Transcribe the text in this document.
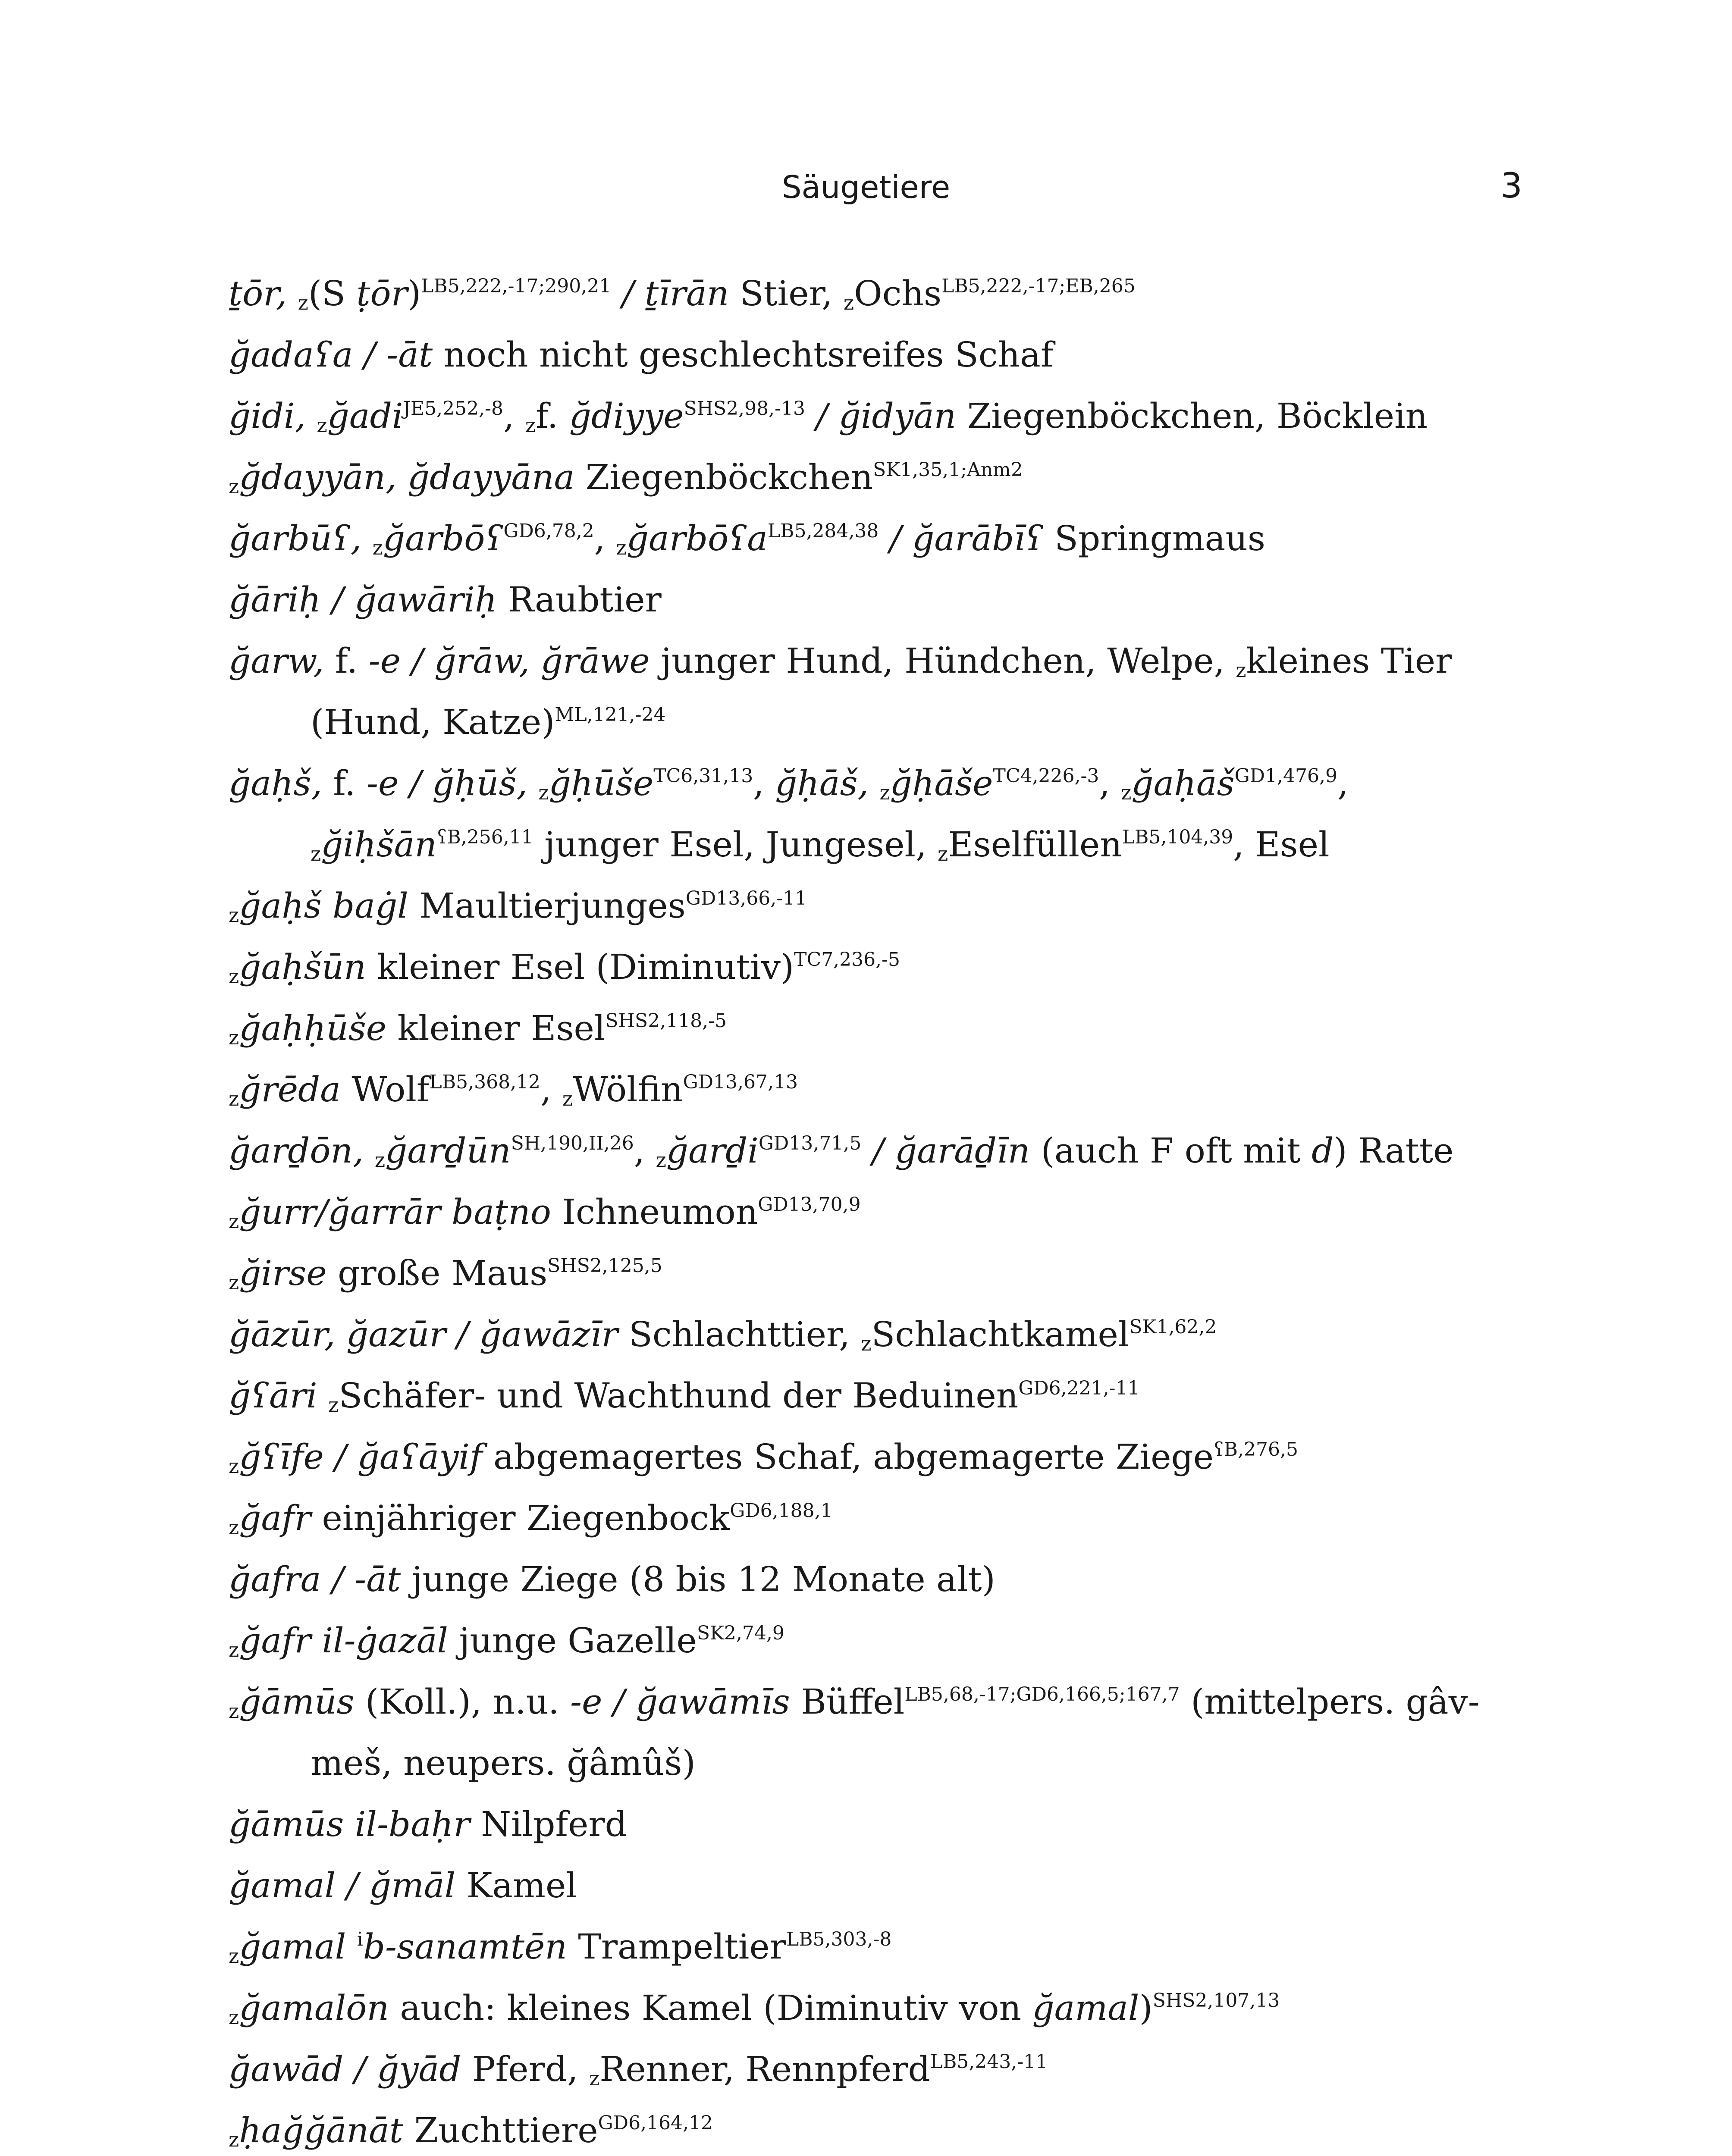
Säugetiere	3
ṯōr, $_z$(S ṭōr)$^{LB5,222,-17;290,21}$ / ṯīrān Stier, $_z$Ochs$^{LB5,222,-17;EB,265}$
ğadaʕa / -āt noch nicht geschlechtsreifes Schaf
ğidi, $_z$ğadi$^{JE5,252,-8}$, $_z$f. ğdiyye$^{SHS2,98,-13}$ / ğidyān Ziegenböckchen, Böcklein
$_z$ğdayyān, ğdayyāna Ziegenböckchen$^{SK1,35,1;Anm2}$
ğarbūʕ, $_z$ğarbōʕ$^{GD6,78,2}$, $_z$ğarbōʕa$^{LB5,284,38}$ / ğarābīʕ Springmaus
ğāriḥ / ğawāriḥ Raubtier
ğarw, f. -e / ğrāw, ğrāwe junger Hund, Hündchen, Welpe, $_z$kleines Tier (Hund, Katze)$^{ML,121,-24}$
ğaḥš, f. -e / ğḥūš, $_z$ğḥūše$^{TC6,31,13}$, ğḥāš, $_z$ğḥāše$^{TC4,226,-3}$, $_z$ğaḥāš$^{GD1,476,9}$, $_z$ğiḥšān$^{ʕB,256,11}$ junger Esel, Jungesel, $_z$Eselfüllen$^{LB5,104,39}$, Esel
$_z$ğaḥš baġl Maultierjunges$^{GD13,66,-11}$
$_z$ğaḥšūn kleiner Esel (Diminutiv)$^{TC7,236,-5}$
$_z$ğaḥḥūše kleiner Esel$^{SHS2,118,-5}$
$_z$ğrēda Wolf$^{LB5,368,12}$, $_z$Wölfin$^{GD13,67,13}$
ğarḏōn, $_z$ğarḏūn$^{SH,190,II,26}$, $_z$ğarḏi$^{GD13,71,5}$ / ğarāḏīn (auch F oft mit d) Ratte
$_z$ğurr/ğarrār baṭno Ichneumon$^{GD13,70,9}$
$_z$ğirse große Maus$^{SHS2,125,5}$
ğāzūr, ğazūr / ğawāzīr Schlachttier, $_z$Schlachtkamel$^{SK1,62,2}$
ğʕāri $_z$Schäfer- und Wachthund der Beduinen$^{GD6,221,-11}$
$_z$ğʕīfe / ğaʕāyif abgemagertes Schaf, abgemagerte Ziege$^{ʕB,276,5}$
$_z$ğafr einjähriger Ziegenbock$^{GD6,188,1}$
ğafra / -āt junge Ziege (8 bis 12 Monate alt)
$_z$ğafr il-ġazāl junge Gazelle$^{SK2,74,9}$
$_z$ğāmūs (Koll.), n.u. -e / ğawāmīs Büffel$^{LB5,68,-17;GD6,166,5;167,7}$ (mittelpers. gâv-meš, neupers. ğâmûš)
ğāmūs il-baḥr Nilpferd
ğamal / ğmāl Kamel
$_z$ğamal $^i$b-sanamtēn Trampeltier$^{LB5,303,-8}$
$_z$ğamalōn auch: kleines Kamel (Diminutiv von ğamal)$^{SHS2,107,13}$
ğawād / ğyād Pferd, $_z$Renner, Rennpferd$^{LB5,243,-11}$
$_z$ḥağğānāt Zuchttiere$^{GD6,164,12}$
